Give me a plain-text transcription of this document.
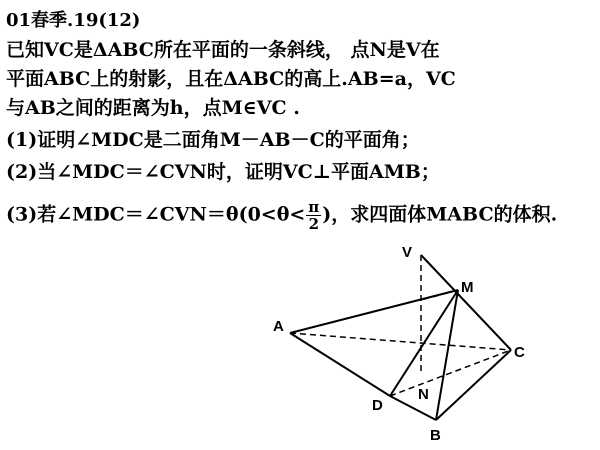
01春季.19(12)
已知VC是ΔABC所在平面的一条斜线， 点N是V在
平面ABC上的射影，且在ΔABC的高上.AB=a，VC
与AB之间的距离为h，点M∈VC .
(1)证明∠MDC是二面角M－AB－C的平面角；
(2)当∠MDC＝∠CVN时，证明VC⊥平面AMB；
(3)若∠MDC＝∠CVN＝θ(0<θ< $\frac{\pi}{2}$ )，求四面体MABC的体积.
V
M
A
C
D
N
B
